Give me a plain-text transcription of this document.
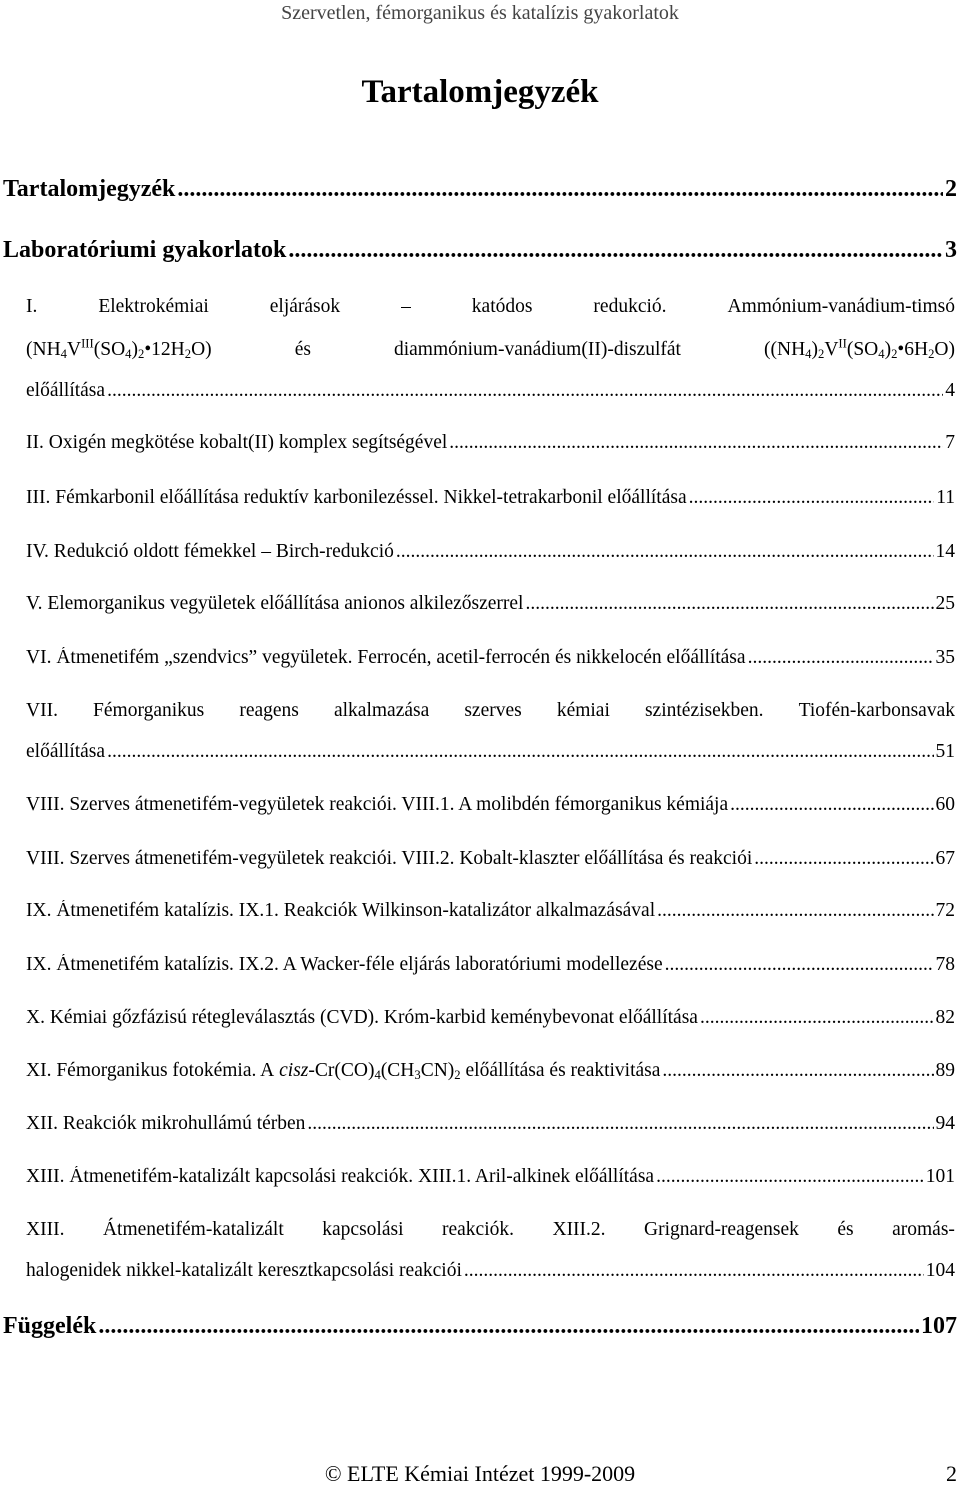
Szervetlen, fémorganikus és katalízis gyakorlatok
Tartalomjegyzék
Tartalomjegyzék .....	2
Laboratóriumi gyakorlatok .....	3
I.	Elektrokémiai	eljárások	–	katódos	redukció.	Ammónium-vanádium-timsó
$(NH_4V^{III}(SO_4)_2•12H_2O)$	és	diammónium-vanádium(II)-diszulfát	$((NH_4)_2V^{II}(SO_4)_2•6H_2O)$
előállítása .....	4
II. Oxigén megkötése kobalt(II) komplex segítségével .....	7
III. Fémkarbonil előállítása reduktív karbonilezéssel. Nikkel-tetrakarbonil előállítása .....	11
IV. Redukció oldott fémekkel – Birch-redukció .....	14
V. Elemorganikus vegyületek előállítása anionos alkilezőszerrel .....	25
VI. Átmenetifém „szendvics” vegyületek. Ferrocén, acetil-ferrocén és nikkelocén előállítása .....	35
VII. Fémorganikus reagens alkalmazása szerves kémiai szintézisekben. Tiofén-karbonsavak
előállítása .....	51
VIII. Szerves átmenetifém-vegyületek reakciói. VIII.1. A molibdén fémorganikus kémiája .....	60
VIII. Szerves átmenetifém-vegyületek reakciói. VIII.2. Kobalt-klaszter előállítása és reakciói .....	67
IX. Átmenetifém katalízis. IX.1. Reakciók Wilkinson-katalizátor alkalmazásával .....	72
IX. Átmenetifém katalízis. IX.2. A Wacker-féle eljárás laboratóriumi modellezése .....	78
X. Kémiai gőzfázisú rétegleválasztás (CVD). Króm-karbid keménybevonat előállítása .....	82
XI. Fémorganikus fotokémia. A cisz-$Cr(CO)_4(CH_3CN)_2$ előállítása és reaktivitása .....	89
XII. Reakciók mikrohullámú térben .....	94
XIII. Átmenetifém-katalizált kapcsolási reakciók. XIII.1. Aril-alkinek előállítása .....	101
XIII. Átmenetifém-katalizált kapcsolási reakciók. XIII.2. Grignard-reagensek és aromás-
halogenidek nikkel-katalizált keresztkapcsolási reakciói .....	104
Függelék .....	107
© ELTE Kémiai Intézet 1999-2009	2
